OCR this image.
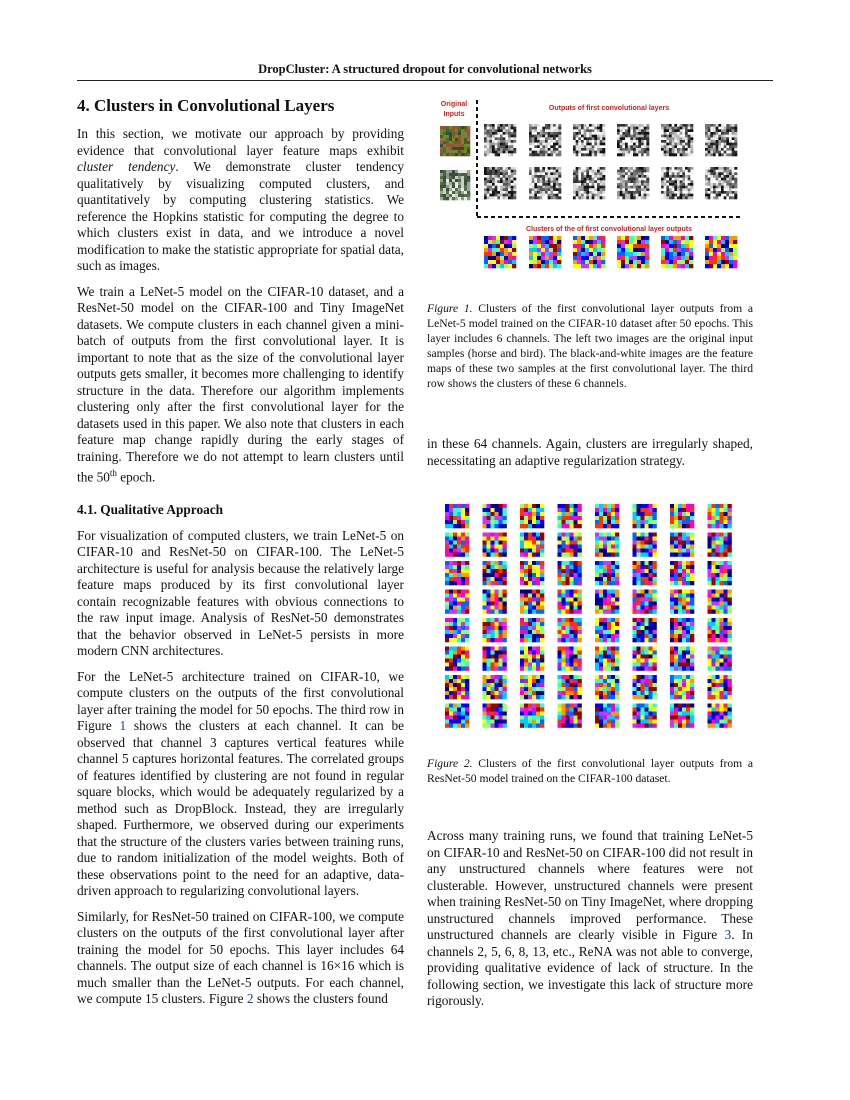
DropCluster: A structured dropout for convolutional networks
4. Clusters in Convolutional Layers

In this section, we motivate our approach by providing evidence that convolutional layer feature maps exhibit cluster tendency. We demonstrate cluster tendency qualitatively by visualizing computed clusters, and quantitatively by computing clustering statistics. We reference the Hopkins statistic for computing the degree to which clusters exist in data, and we introduce a novel modification to make the statistic appropriate for spatial data, such as images.

We train a LeNet-5 model on the CIFAR-10 dataset, and a ResNet-50 model on the CIFAR-100 and Tiny ImageNet datasets. We compute clusters in each channel given a mini-batch of outputs from the first convolutional layer. It is important to note that as the size of the convolutional layer outputs gets smaller, it becomes more challenging to identify structure in the data. Therefore our algorithm implements clustering only after the first convolutional layer for the datasets used in this paper. We also note that clusters in each feature map change rapidly during the early stages of training. Therefore we do not attempt to learn clusters until the 50th epoch.

4.1. Qualitative Approach

For visualization of computed clusters, we train LeNet-5 on CIFAR-10 and ResNet-50 on CIFAR-100. The LeNet-5 architecture is useful for analysis because the relatively large feature maps produced by its first convolutional layer contain recognizable features with obvious connections to the raw input image. Analysis of ResNet-50 demonstrates that the behavior observed in LeNet-5 persists in more modern CNN architectures.

For the LeNet-5 architecture trained on CIFAR-10, we compute clusters on the outputs of the first convolutional layer after training the model for 50 epochs. The third row in Figure 1 shows the clusters at each channel. It can be observed that channel 3 captures vertical features while channel 5 captures horizontal features. The correlated groups of features identified by clustering are not found in regular square blocks, which would be adequately regularized by a method such as DropBlock. Instead, they are irregularly shaped. Furthermore, we observed during our experiments that the structure of the clusters varies between training runs, due to random initialization of the model weights. Both of these observations point to the need for an adaptive, data-driven approach to regularizing convolutional layers.

Similarly, for ResNet-50 trained on CIFAR-100, we compute clusters on the outputs of the first convolutional layer after training the model for 50 epochs. This layer includes 64 channels. The output size of each channel is 16×16 which is much smaller than the LeNet-5 outputs. For each channel, we compute 15 clusters. Figure 2 shows the clusters found

Original
Inputs
Outputs of first convolutional layers
Clusters of the of first convolutional layer outputs

Figure 1. Clusters of the first convolutional layer outputs from a LeNet-5 model trained on the CIFAR-10 dataset after 50 epochs. This layer includes 6 channels. The left two images are the original input samples (horse and bird). The black-and-white images are the feature maps of these two samples at the first convolutional layer. The third row shows the clusters of these 6 channels.

in these 64 channels. Again, clusters are irregularly shaped, necessitating an adaptive regularization strategy.

Figure 2. Clusters of the first convolutional layer outputs from a ResNet-50 model trained on the CIFAR-100 dataset.

Across many training runs, we found that training LeNet-5 on CIFAR-10 and ResNet-50 on CIFAR-100 did not result in any unstructured channels where features were not clusterable. However, unstructured channels were present when training ResNet-50 on Tiny ImageNet, where dropping unstructured channels improved performance. These unstructured channels are clearly visible in Figure 3. In channels 2, 5, 6, 8, 13, etc., ReNA was not able to converge, providing qualitative evidence of lack of structure. In the following section, we investigate this lack of structure more rigorously.
